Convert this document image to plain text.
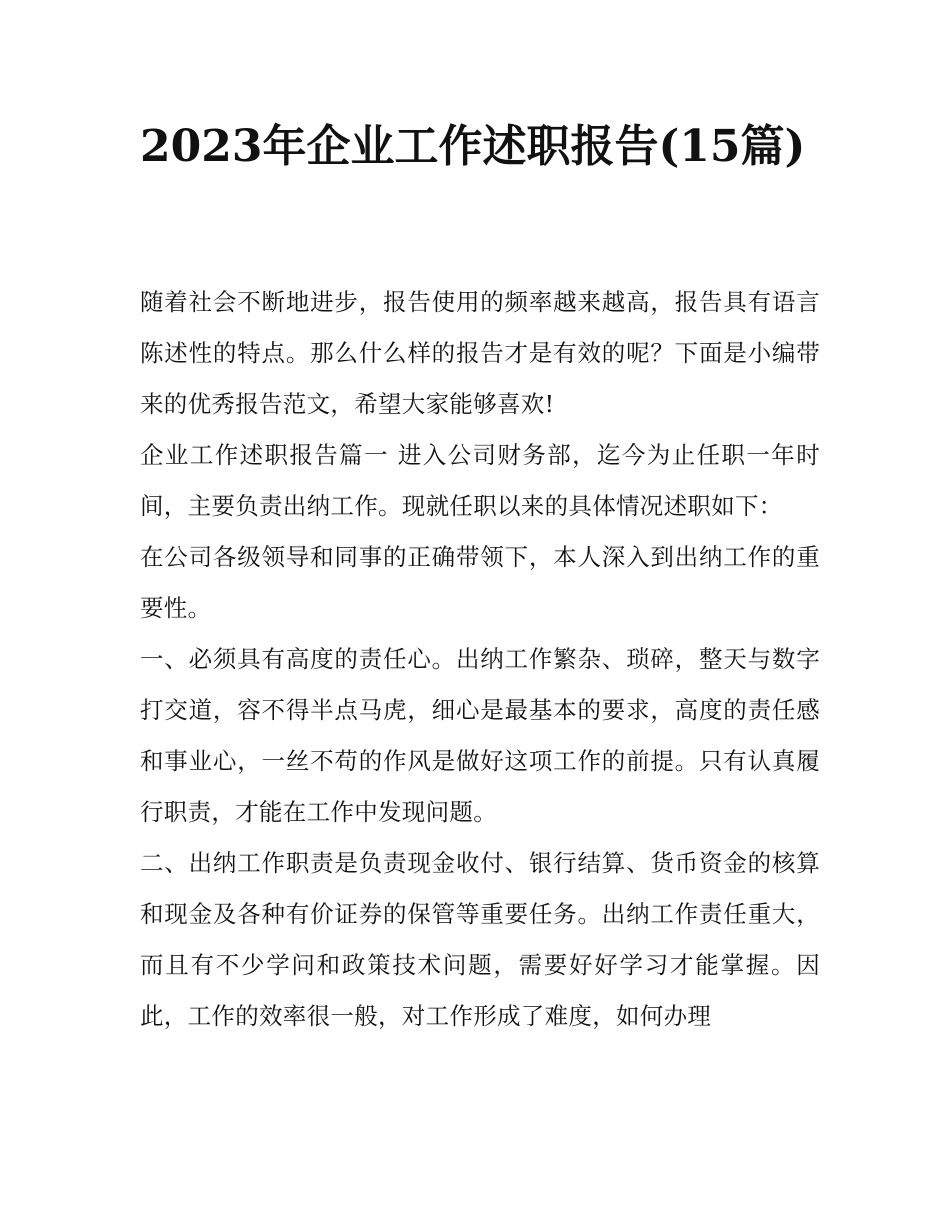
2023年企业工作述职报告(15篇)

随着社会不断地进步，报告使用的频率越来越高，报告具有语言陈述性的特点。那么什么样的报告才是有效的呢？下面是小编带来的优秀报告范文，希望大家能够喜欢!

企业工作述职报告篇一 进入公司财务部，迄今为止任职一年时间，主要负责出纳工作。现就任职以来的具体情况述职如下：

在公司各级领导和同事的正确带领下，本人深入到出纳工作的重要性。

一、必须具有高度的责任心。出纳工作繁杂、琐碎，整天与数字打交道，容不得半点马虎，细心是最基本的要求，高度的责任感和事业心，一丝不苟的作风是做好这项工作的前提。只有认真履行职责，才能在工作中发现问题。

二、出纳工作职责是负责现金收付、银行结算、货币资金的核算和现金及各种有价证券的保管等重要任务。出纳工作责任重大，而且有不少学问和政策技术问题，需要好好学习才能掌握。因此，工作的效率很一般，对工作形成了难度，如何办理
